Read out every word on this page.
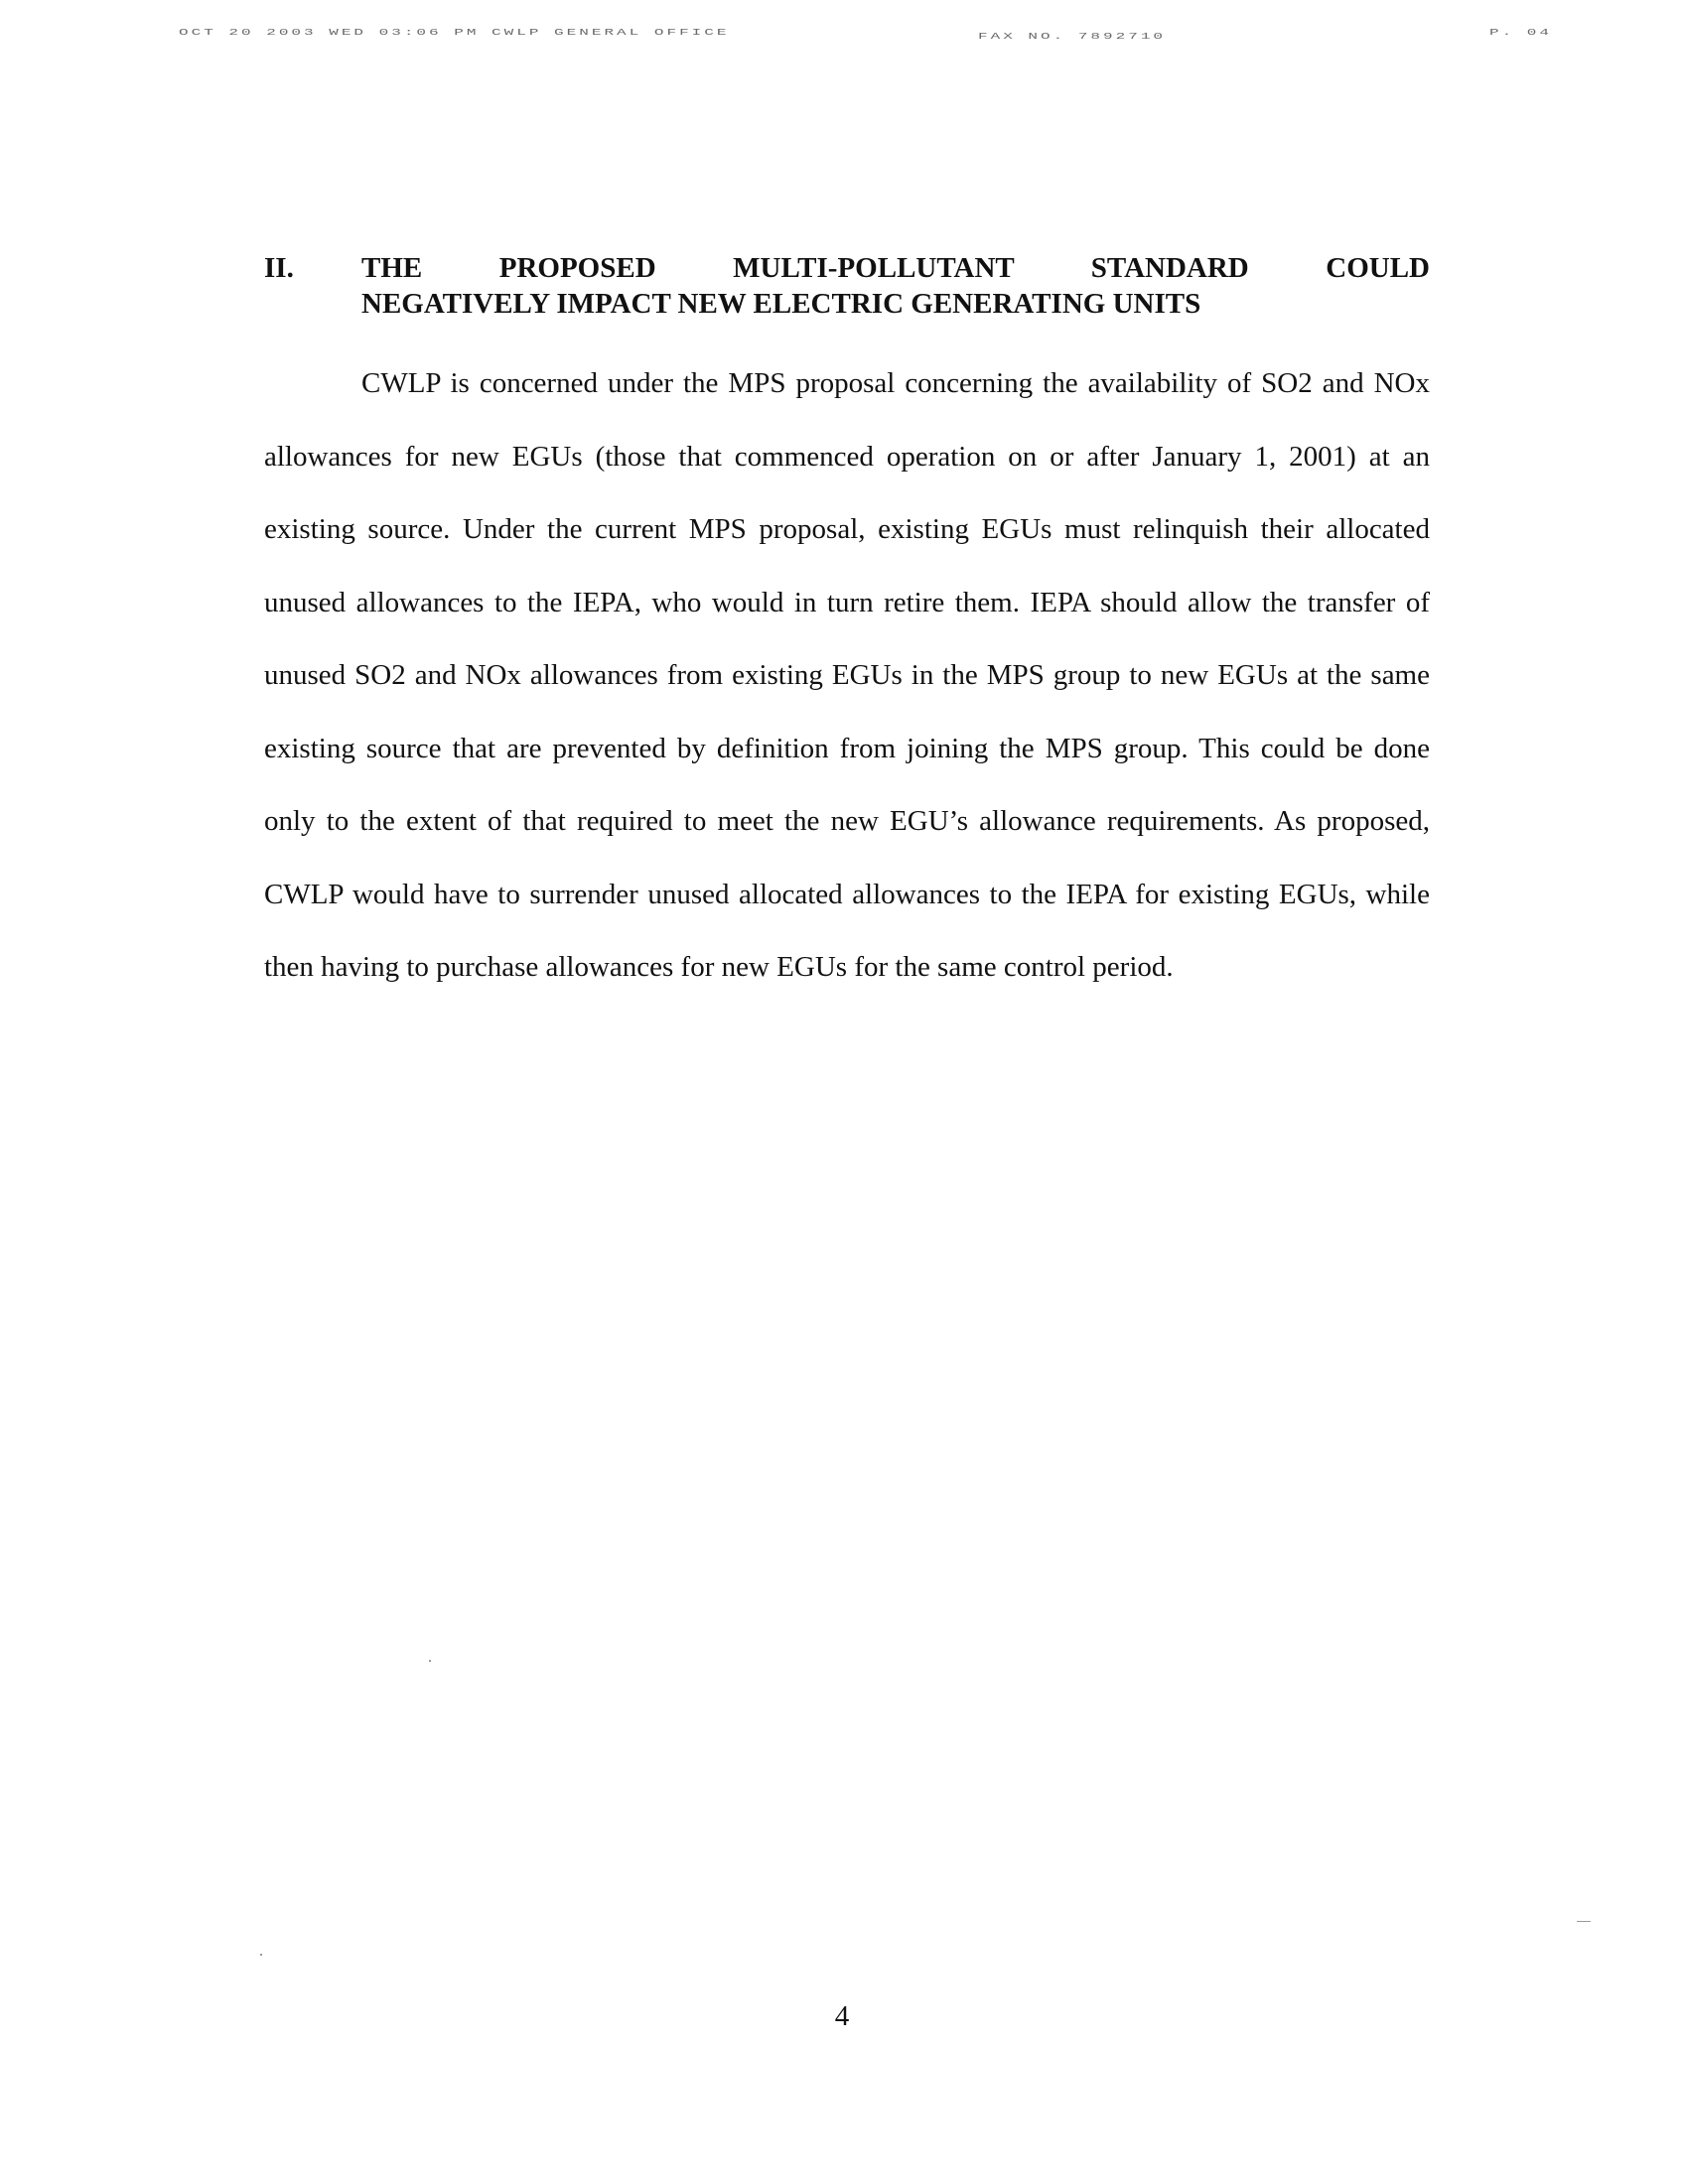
OCT 20 2003 WED 03:06 PM CWLP GENERAL OFFICE	FAX NO. 7892710	P. 04
II. THE PROPOSED MULTI-POLLUTANT STANDARD COULD
NEGATIVELY IMPACT NEW ELECTRIC GENERATING UNITS

CWLP is concerned under the MPS proposal concerning the availability of SO2 and NOx allowances for new EGUs (those that commenced operation on or after January 1, 2001) at an existing source. Under the current MPS proposal, existing EGUs must relinquish their allocated unused allowances to the IEPA, who would in turn retire them. IEPA should allow the transfer of unused SO2 and NOx allowances from existing EGUs in the MPS group to new EGUs at the same existing source that are prevented by definition from joining the MPS group. This could be done only to the extent of that required to meet the new EGU’s allowance requirements. As proposed, CWLP would have to surrender unused allocated allowances to the IEPA for existing EGUs, while then having to purchase allowances for new EGUs for the same control period.

4
